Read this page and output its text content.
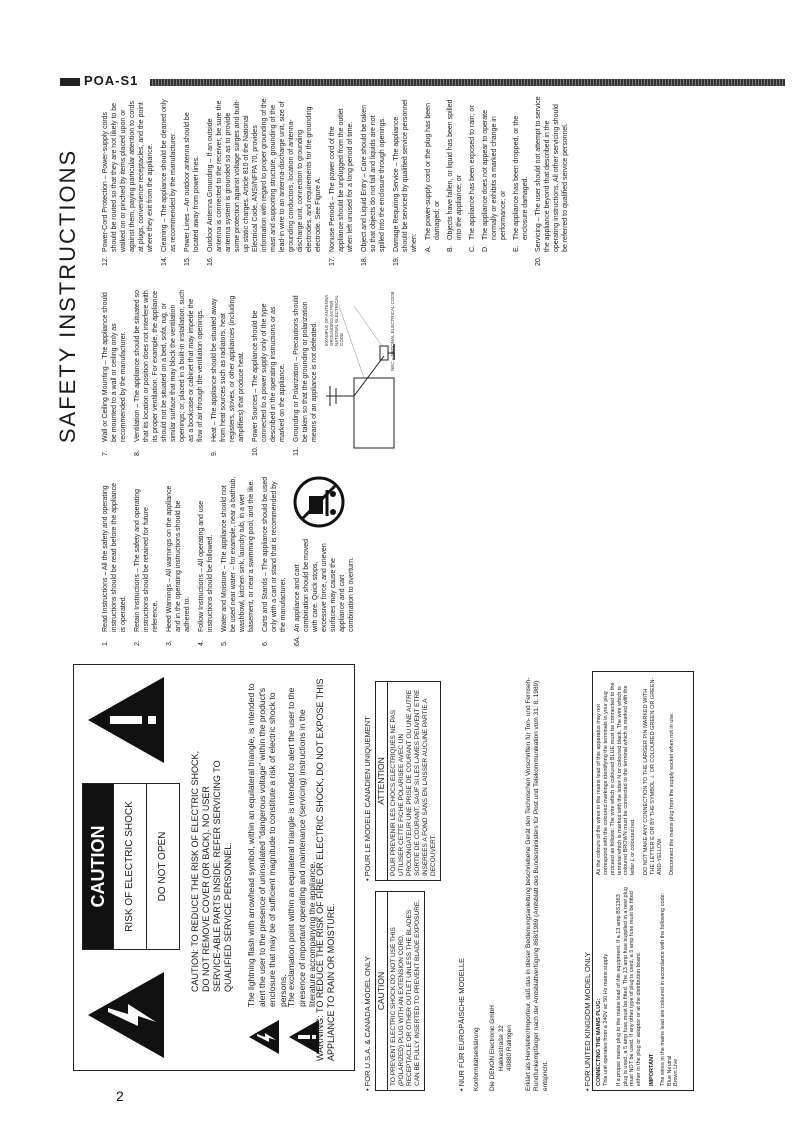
POA-S1
CAUTION	RISK OF ELECTRIC SHOCK	DO NOT OPEN	CAUTION: TO REDUCE THE RISK OF ELECTRIC SHOCK, DO NOT REMOVE COVER (OR BACK). NO USER SERVICE-ABLE PARTS INSIDE. REFER SERVICING TO QUALIFIED SERVICE PERSONNEL. The lightning flash with arrowhead symbol, within an equilateral triangle, is intended to alert the user to the presence of uninsulated "dangerous voltage" within the product's enclosure that may be of sufficient magnitude to constitute a risk of electric shock to persons.
The exclamation point within an equilateral triangle is intended to alert the user to the presence of important operating and maintenance (servicing) instructions in the literature accompanying the appliance.
WARNING: TO REDUCE THE RISK OF FIRE OR ELECTRIC SHOCK, DO NOT EXPOSE THIS APPLIANCE TO RAIN OR MOISTURE.	• FOR U.S.A. & CANADA MODEL ONLY CAUTION TO PREVENT ELECTRIC SHOCK DO NOT USE THIS (POLARIZED) PLUG WITH AN EXTENSION CORD, RECEPTACLE OR OTHER OUTLET UNLESS THE BLADES CAN BE FULLY INSERTED TO PREVENT BLADE EXPOSURE.

• POUR LE MODELE CANADIEN UNIQUEMENT ATTENTION POUR PREVENIR LES CHOCS ELECTRIQUES NE PAS UTILISER CETTE FICHE POLARISEE AVEC UN PROLONGATEUR UNE PRISE DE COURANT OU UNE AUTRE SORTIE DE COURANT, SAUF SI LES LAMES PEUVENT ETRE INSEREES A FOND SANS EN LAISSER AUCUNE PARTIE A DECOUVERT.

• NUR FÜR EUROPÄISCHE MODELLE Konformitätserklärung Die DENON Electronic GmbH Hakkestraße 32 40880 Ratingen Erklärt als Hersteller/Importeur, daß das in dieser Bedienungsanleitung beschriebene Gerät den Technischen Vorschriften für Ton- und Fernseh-Rundfunkempfänger nach der Amtsblattverfügung 868/1989 (Amtsblatt des Bundesministers für Post und Telekommunikation vom 31. 8. 1989) entspricht.	• FOR UNITED KINGDOM MODEL ONLY CONNECTING THE MAINS PLUG: This unit operates from a 240V ac 50 Hz mains supply. If a proper mains plug to the mains lead of this equipment. If a 13 amp BS1363 plug is used, a 5 amp fuse must be fitted. The 13 amp fuse supplied in a new plug must NOT be used. If any other type of plug is used, a 5 amp fuse must be fitted either in the plug or adaptor or at the distribution board. IMPORTANT The wires in the mains lead are coloured in accordance with the following code: Blue Neutral Brown Live
As the colours of the wires in the mains lead of this apparatus may not correspond with the coloured markings identifying the terminals in your plug proceed as follows: The wire which is coloured BLUE must be connected to the terminal which is marked with the letter N or coloured black. The wire which is coloured BROWN must be connected to the terminal which is marked with the letter L or coloured red. DO NOT MAKE ANY CONNECTION TO THE LARGER PIN MARKED WITH THE LETTER E OR BY THE SYMBOL ⏚ OR COLOURED GREEN OR GREEN-AND-YELLOW. Disconnect the mains plug from the supply socket when not in use.
SAFETY INSTRUCTIONS
1.
Read Instructions – All the safety and operating instructions should be read before the appliance is operated.
2.
Retain Instructions – The safety and operating instructions should be retained for future reference.
3.
Heed Warnings – All warnings on the appliance and in the operating instructions should be adhered to.
4.
Follow Instructions – All operating and use instructions should be followed.
5.
Water and Moisture – The appliance should not be used near water – for example, near a bathtub, washbowl, kitchen sink, laundry tub, in a wet basement, or near a swimming pool, and the like.
6.
Carts and Stands – The appliance should be used only with a cart or stand that is recommended by the manufacturer.
6A.
An appliance and cart combination should be moved with care. Quick stops, excessive force, and uneven surfaces may cause the appliance and cart combination to overturn.
7.
Wall or Ceiling Mounting – The appliance should be mounted to a wall or ceiling only as recommended by the manufacturer.
8.
Ventilation – The appliance should be situated so that its location or position does not interfere with its proper ventilation. For example, the appliance should not be situated on a bed, sofa, rug, or similar surface that may block the ventilation openings; or, placed in a built-in installation, such as a bookcase or cabinet that may impede the flow of air through the ventilation openings.
9.
Heat – The appliance should be situated away from heat sources such as radiators, heat registers, stoves, or other appliances (including amplifiers) that produce heat.
10.
Power Sources – The appliance should be connected to a power supply only of the type described in the operating instructions or as marked on the appliance.
11.
Grounding or Polarization – Precautions should be taken so that the grounding or polarization means of an appliance is not defeated.
EXAMPLE OF ANTENNA GROUNDING AS PER NATIONAL ELECTRICAL CODE	NEC – NATIONAL ELECTRICAL CODE
12.
Power-Cord Protection – Power-supply cords should be routed so that they are not likely to be walked on or pinched by items placed upon or against them, paying particular attention to cords at plugs, convenience receptacles, and the point where they exit from the appliance.
14.
Cleaning – The appliance should be cleaned only as recommended by the manufacturer.
15.
Power Lines – An outdoor antenna should be located away from power lines.
16.
Outdoor Antenna Grounding – If an outside antenna is connected to the receiver, be sure the antenna system is grounded so as to provide some protection against voltage surges and built-up static charges. Article 810 of the National Electrical Code, ANSI/NFPA 70, provides information with regard to proper grounding of the mast and supporting structure, grounding of the lead-in wire to an antenna-discharge unit, size of grounding conductors, location of antenna-discharge unit, connection to grounding electrodes, and requirements for the grounding electrode. See Figure A.
17.
Nonuse Periods – The power cord of the appliance should be unplugged from the outlet when left unused for a long period of time.
18.
Object and Liquid Entry – Care should be taken so that objects do not fall and liquids are not spilled into the enclosure through openings.
19.
Damage Requiring Service – The appliance should be serviced by qualified service personnel when: A.
The power-supply cord or the plug has been damaged; or
B.
Objects have fallen, or liquid has been spilled into the appliance; or
C.
The appliance has been exposed to rain; or
D.
The appliance does not appear to operate normally or exhibits a marked change in performance; or
E.
The appliance has been dropped, or the enclosure damaged.
20.
Servicing – The user should not attempt to service the appliance beyond that described in the operating instructions. All other servicing should be referred to qualified service personnel.
2
